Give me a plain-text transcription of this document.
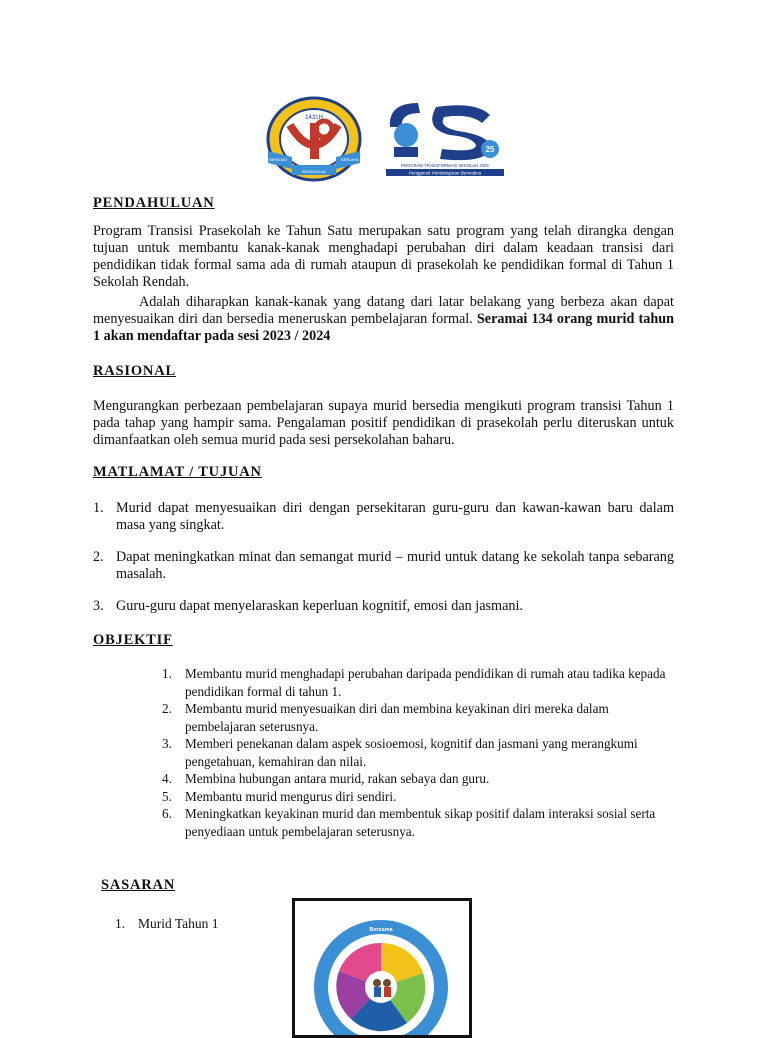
1431H
BERAKHLAK
BERILMU	BERJAYA
25
PROGRAM TRANSFORMASI SEKOLAH 2025
Penggerak Pembelajaran Bermakna
PENDAHULUAN

Program Transisi Prasekolah ke Tahun Satu merupakan satu program yang telah dirangka dengan tujuan untuk membantu kanak-kanak menghadapi perubahan diri dalam keadaan transisi dari pendidikan tidak formal sama ada di rumah ataupun di prasekolah ke pendidikan formal di Tahun 1 Sekolah Rendah.

Adalah diharapkan kanak-kanak yang datang dari latar belakang yang berbeza akan dapat menyesuaikan diri dan bersedia meneruskan pembelajaran formal. Seramai 134 orang murid tahun 1 akan mendaftar pada sesi 2023 / 2024

RASIONAL

Mengurangkan perbezaan pembelajaran supaya murid bersedia mengikuti program transisi Tahun 1 pada tahap yang hampir sama. Pengalaman positif pendidikan di prasekolah perlu diteruskan untuk dimanfaatkan oleh semua murid pada sesi persekolahan baharu.

MATLAMAT / TUJUAN
1. Murid dapat menyesuaikan diri dengan persekitaran guru-guru dan kawan-kawan baru dalam masa yang singkat.
2. Dapat meningkatkan minat dan semangat murid – murid untuk datang ke sekolah tanpa sebarang masalah.
3. Guru-guru dapat menyelaraskan keperluan kognitif, emosi dan jasmani.
OBJEKTIF
1. Membantu murid menghadapi perubahan daripada pendidikan di rumah atau tadika kepada pendidikan formal di tahun 1.
2. Membantu murid menyesuaikan diri dan membina keyakinan diri mereka dalam pembelajaran seterusnya.
3. Memberi penekanan dalam aspek sosioemosi, kognitif dan jasmani yang merangkumi pengetahuan, kemahiran dan nilai.
4. Membina hubungan antara murid, rakan sebaya dan guru.
5. Membantu murid mengurus diri sendiri.
6. Meningkatkan keyakinan murid dan membentuk sikap positif dalam interaksi sosial serta penyediaan untuk pembelajaran seterusnya.
SASARAN
1. Murid Tahun 1	Bersama
